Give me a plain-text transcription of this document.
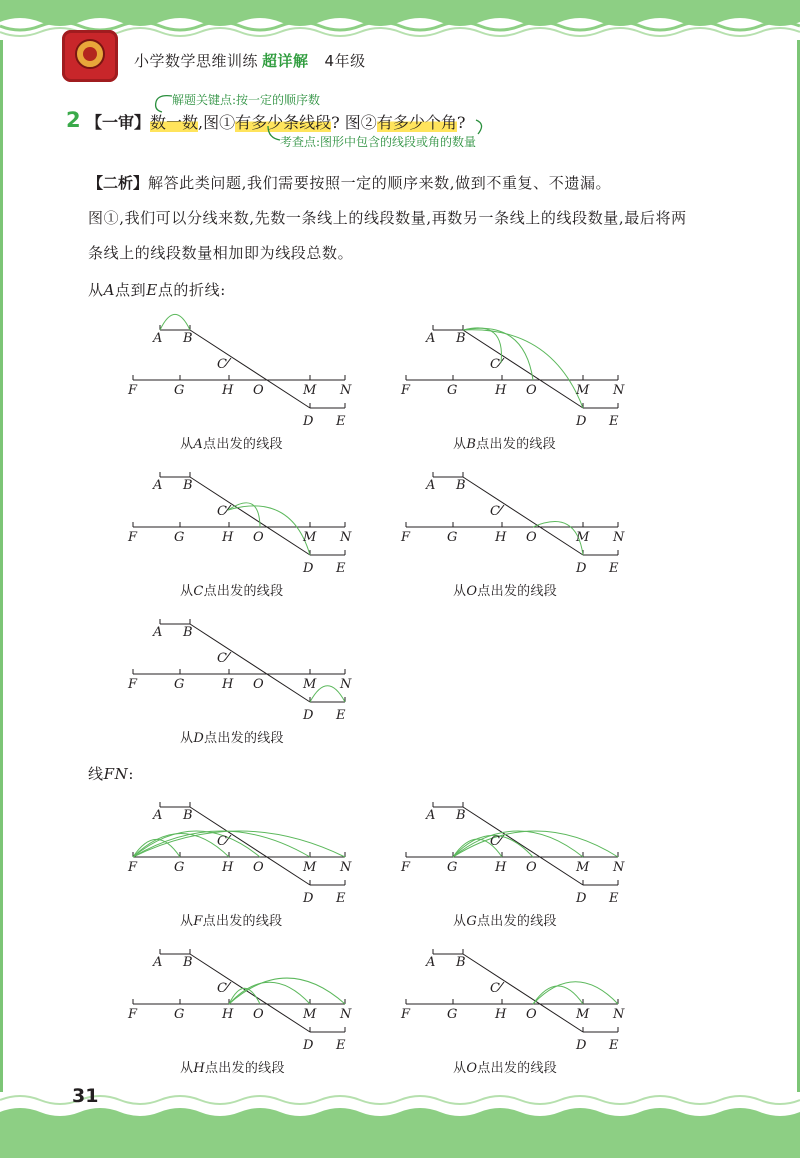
小学数学思维训练 超详解 4年级
2 【一审】数一数,图①有多少条线段? 图②有多少个角?
解题关键点:按一定的顺序数
考查点:图形中包含的线段或角的数量
【二析】解答此类问题,我们需要按照一定的顺序来数,做到不重复、不遗漏。
图①,我们可以分线来数,先数一条线上的线段数量,再数另一条线上的线段数量,最后将两
条线上的线段数量相加即为线段总数。
从A点到E点的折线:
线FN:
A B
C
F	G	H O	M N
D E
从A点出发的线段
A B
C
F	G	H O	M N
D E
从B点出发的线段
A B
C
F	G	H O	M N
D E
从C点出发的线段
A B
C
F	G	H O	M N
D E
从O点出发的线段
A B
C
F	G	H O	M N
D E
从D点出发的线段
A B
C
F	G	H O	M N
D E
从F点出发的线段
A B
C
F	G	H O	M N
D E
从G点出发的线段
A B
C
F	G	H O	M N
D E
从H点出发的线段
A B
C
F	G	H O	M N
D E
从O点出发的线段
31
